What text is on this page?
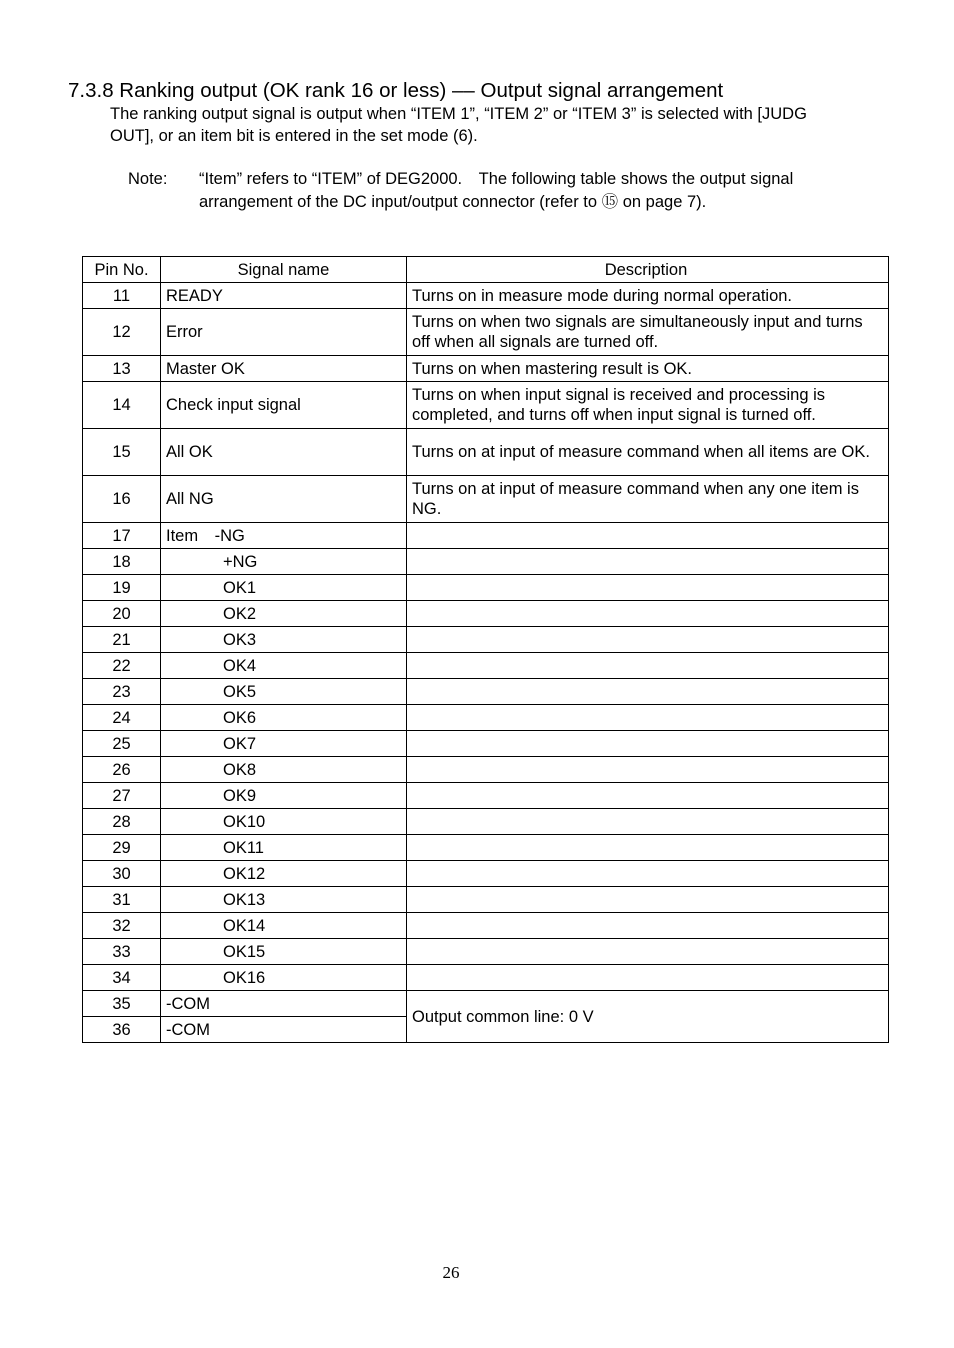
7.3.8 Ranking output (OK rank 16 or less) –– Output signal arrangement
The ranking output signal is output when “ITEM 1”, “ITEM 2” or “ITEM 3” is selected with [JUDG OUT], or an item bit is entered in the set mode (6).
Note: “Item” refers to “ITEM” of DEG2000.　The following table shows the output signal arrangement of the DC input/output connector (refer to ⑮ on page 7).
Pin No.	Signal name	Description
11	READY	Turns on in measure mode during normal operation.
12	Error	Turns on when two signals are simultaneously input and turns off when all signals are turned off.
13	Master OK	Turns on when mastering result is OK.
14	Check input signal	Turns on when input signal is received and processing is completed, and turns off when input signal is turned off.
15	All OK	Turns on at input of measure command when all items are OK.
16	All NG	Turns on at input of measure command when any one item is NG.
17	Item　-NG	
18	+NG	
19	OK1	
20	OK2	
21	OK3	
22	OK4	
23	OK5	
24	OK6	
25	OK7	
26	OK8	
27	OK9	
28	OK10	
29	OK11	
30	OK12	
31	OK13	
32	OK14	
33	OK15	
34	OK16	
35	-COM	Output common line: 0 V
36	-COM	
26
